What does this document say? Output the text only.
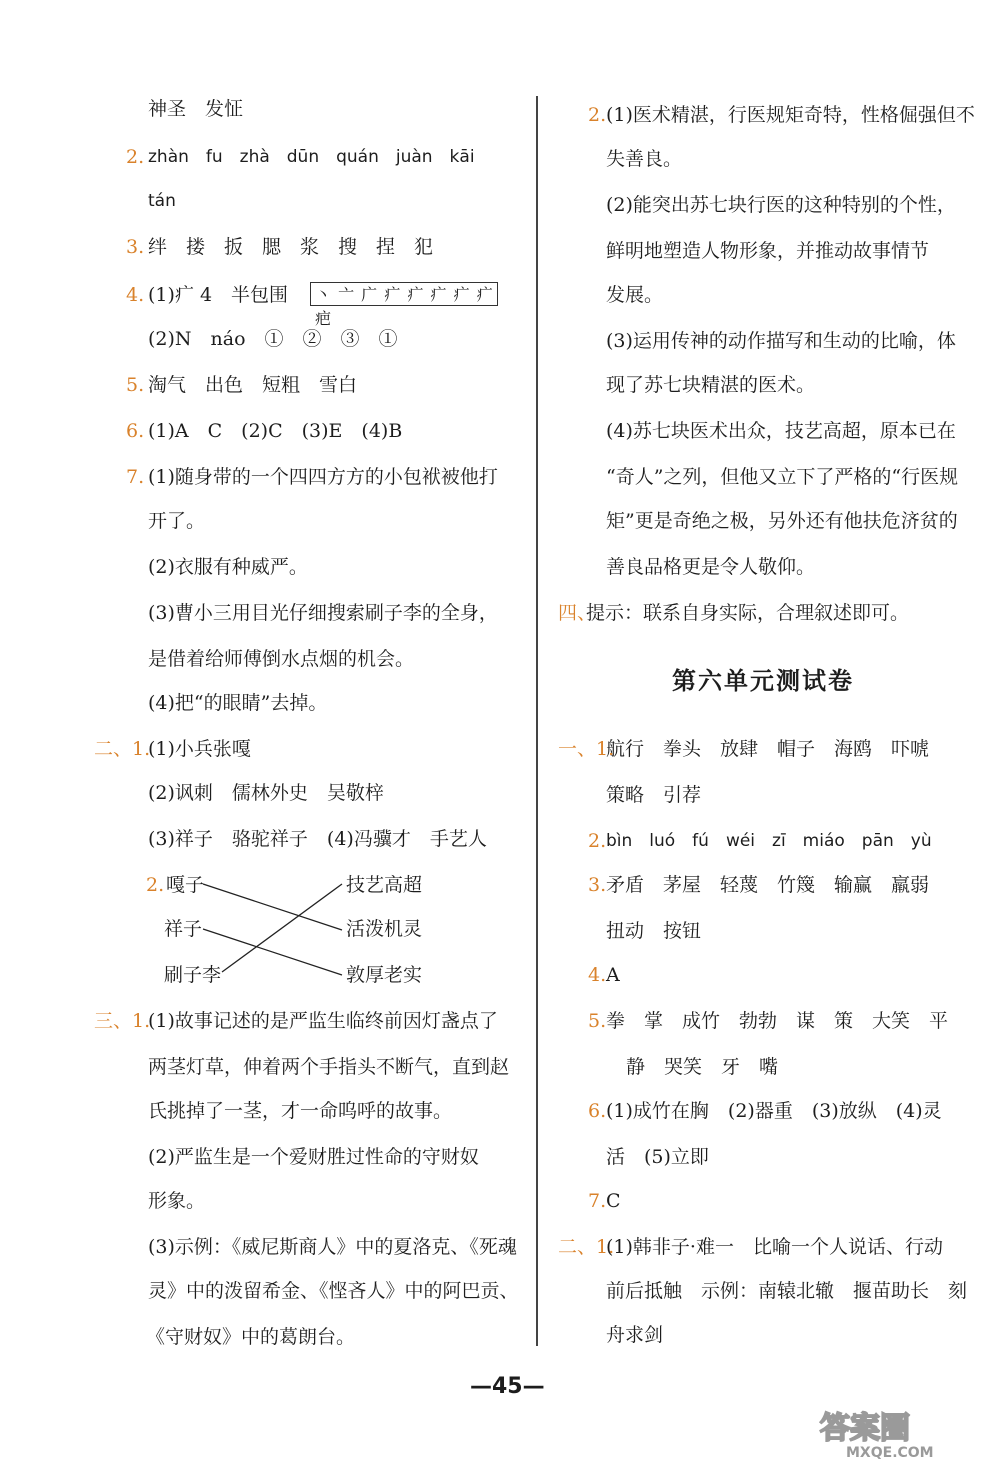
神圣　发怔
2. zhàn　fu　zhà　dūn　quán　juàn　kāi
tán
3. 绊　搂　扳　腮　浆　搜　捏　犯
4. (1)疒 4　半包围	丶 亠 广 疒 疒 疒 疒 疒 疤
(2)N　náo　①　②　③　①
5. 淘气　出色　短粗　雪白
6. (1)A　C　(2)C　(3)E　(4)B
7. (1)随身带的一个四四方方的小包袱被他打
开了。
(2)衣服有种威严。
(3)曹小三用目光仔细搜索刷子李的全身，
是借着给师傅倒水点烟的机会。
(4)把“的眼睛”去掉。
二、1.
(1)小兵张嘎
(2)讽刺　儒林外史　吴敬梓
(3)祥子　骆驼祥子　(4)冯骥才　手艺人
2. 嘎子
祥子
刷子李
技艺高超
活泼机灵
敦厚老实
三、1.
(1)故事记述的是严监生临终前因灯盏点了
两茎灯草，伸着两个手指头不断气，直到赵
氏挑掉了一茎，才一命呜呼的故事。
(2)严监生是一个爱财胜过性命的守财奴
形象。
(3)示例：《威尼斯商人》中的夏洛克、《死魂
灵》中的泼留希金、《悭吝人》中的阿巴贡、
《守财奴》中的葛朗台。
2. (1)医术精湛，行医规矩奇特，性格倔强但不
失善良。
(2)能突出苏七块行医的这种特别的个性，
鲜明地塑造人物形象，并推动故事情节
发展。
(3)运用传神的动作描写和生动的比喻，体
现了苏七块精湛的医术。
(4)苏七块医术出众，技艺高超，原本已在
“奇人”之列，但他又立下了严格的“行医规
矩”更是奇绝之极，另外还有他扶危济贫的
善良品格更是令人敬仰。
四、
提示：联系自身实际，合理叙述即可。
第六单元测试卷
一、1.
航行　拳头　放肆　帽子　海鸥　吓唬
策略　引荐
2. bìn　luó　fú　wéi　zī　miáo　pān　yù
3. 矛盾　茅屋　轻蔑　竹篾　输赢　羸弱
扭动　按钮
4. A
5. 拳　掌　成竹　勃勃　谋　策　大笑　平
静　哭笑　牙　嘴
6. (1)成竹在胸　(2)器重　(3)放纵　(4)灵
活　(5)立即
7. C
二、1.
(1)韩非子·难一　比喻一个人说话、行动
前后抵触　示例：南辕北辙　揠苗助长　刻
舟求剑
—45—
答案圈
MXQE.COM
